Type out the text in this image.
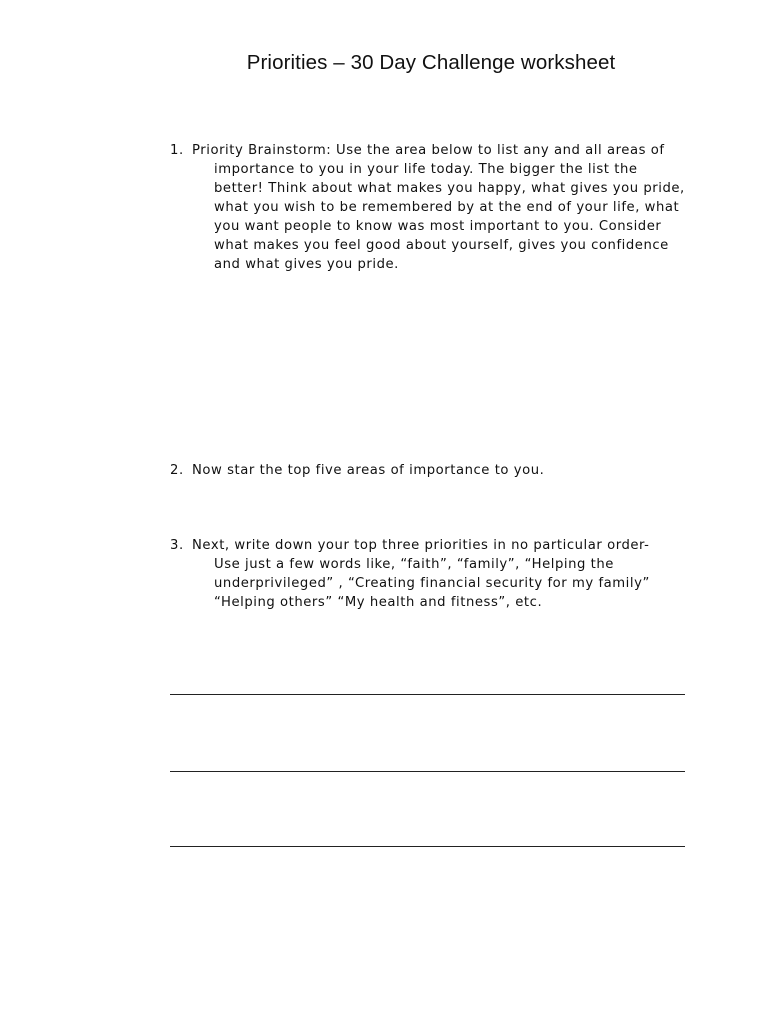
Priorities – 30 Day Challenge worksheet
1. Priority Brainstorm: Use the area below to list any and all areas of
importance to you in your life today. The bigger the list the better! Think about what makes you happy, what gives you pride, what you wish to be remembered by at the end of your life, what you want people to know was most important to you. Consider what makes you feel good about yourself, gives you confidence and what gives you pride.
2. Now star the top five areas of importance to you.
3. Next, write down your top three priorities in no particular order-
Use just a few words like, “faith”, “family”, “Helping the underprivileged” , “Creating financial security for my family” “Helping others” “My health and fitness”, etc.
